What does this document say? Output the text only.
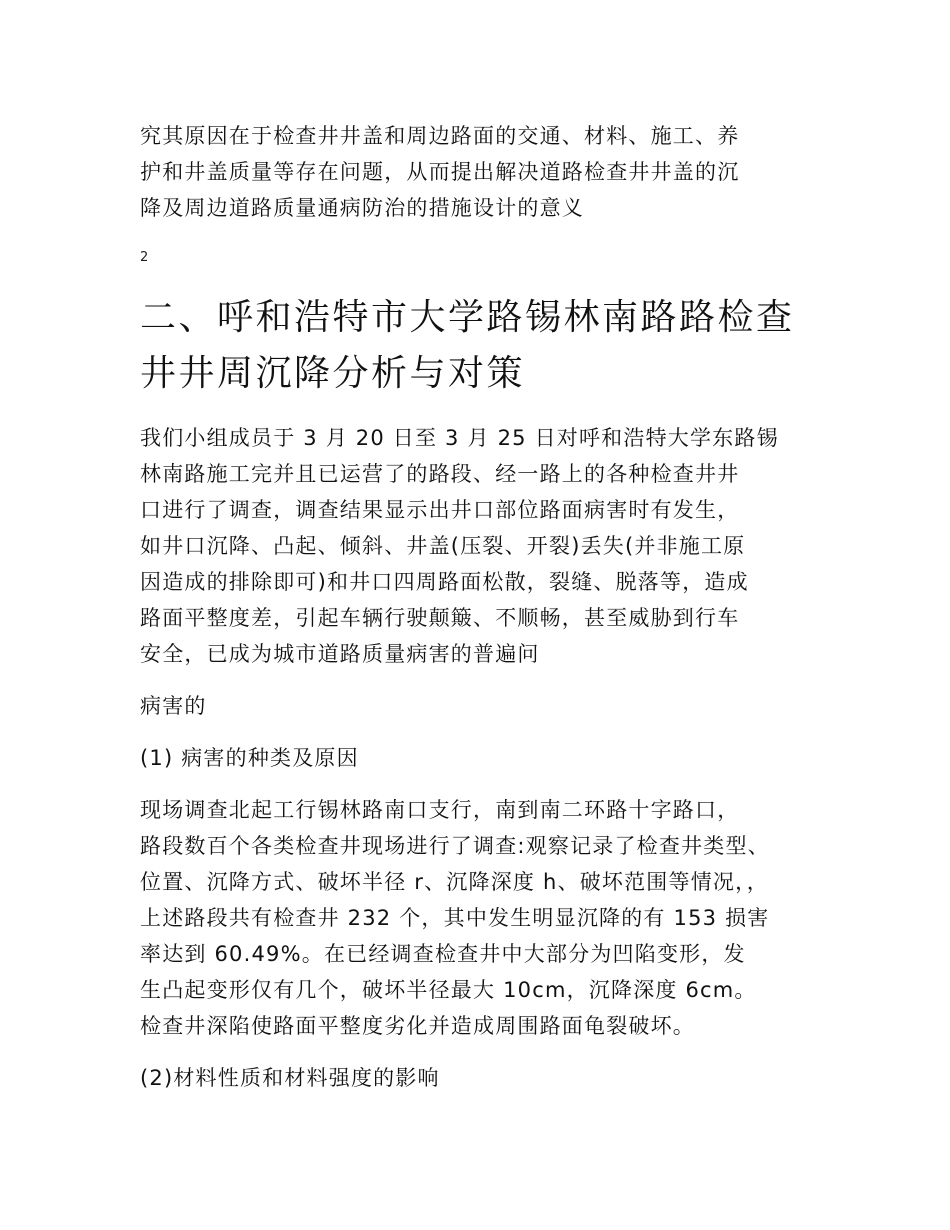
究其原因在于检查井井盖和周边路面的交通、材料、施工、养
护和井盖质量等存在问题，从而提出解决道路检查井井盖的沉
降及周边道路质量通病防治的措施设计的意义

2

二、呼和浩特市大学路锡林南路路检查
井井周沉降分析与对策

我们小组成员于 3 月 20 日至 3 月 25 日对呼和浩特大学东路锡
林南路施工完并且已运营了的路段、经一路上的各种检查井井
口进行了调查，调查结果显示出井口部位路面病害时有发生，
如井口沉降、凸起、倾斜、井盖(压裂、开裂)丢失(并非施工原
因造成的排除即可)和井口四周路面松散，裂缝、脱落等，造成
路面平整度差，引起车辆行驶颠簸、不顺畅，甚至威胁到行车
安全，已成为城市道路质量病害的普遍问

病害的

(1) 病害的种类及原因

现场调查北起工行锡林路南口支行，南到南二环路十字路口，
路段数百个各类检查井现场进行了调查:观察记录了检查井类型、
位置、沉降方式、破坏半径 r、沉降深度 h、破坏范围等情况，，
上述路段共有检查井 232 个，其中发生明显沉降的有 153 损害
率达到 60.49%。在已经调查检查井中大部分为凹陷变形，发
生凸起变形仅有几个，破坏半径最大 10cm，沉降深度 6cm。
检查井深陷使路面平整度劣化并造成周围路面龟裂破坏。

(2)材料性质和材料强度的影响
